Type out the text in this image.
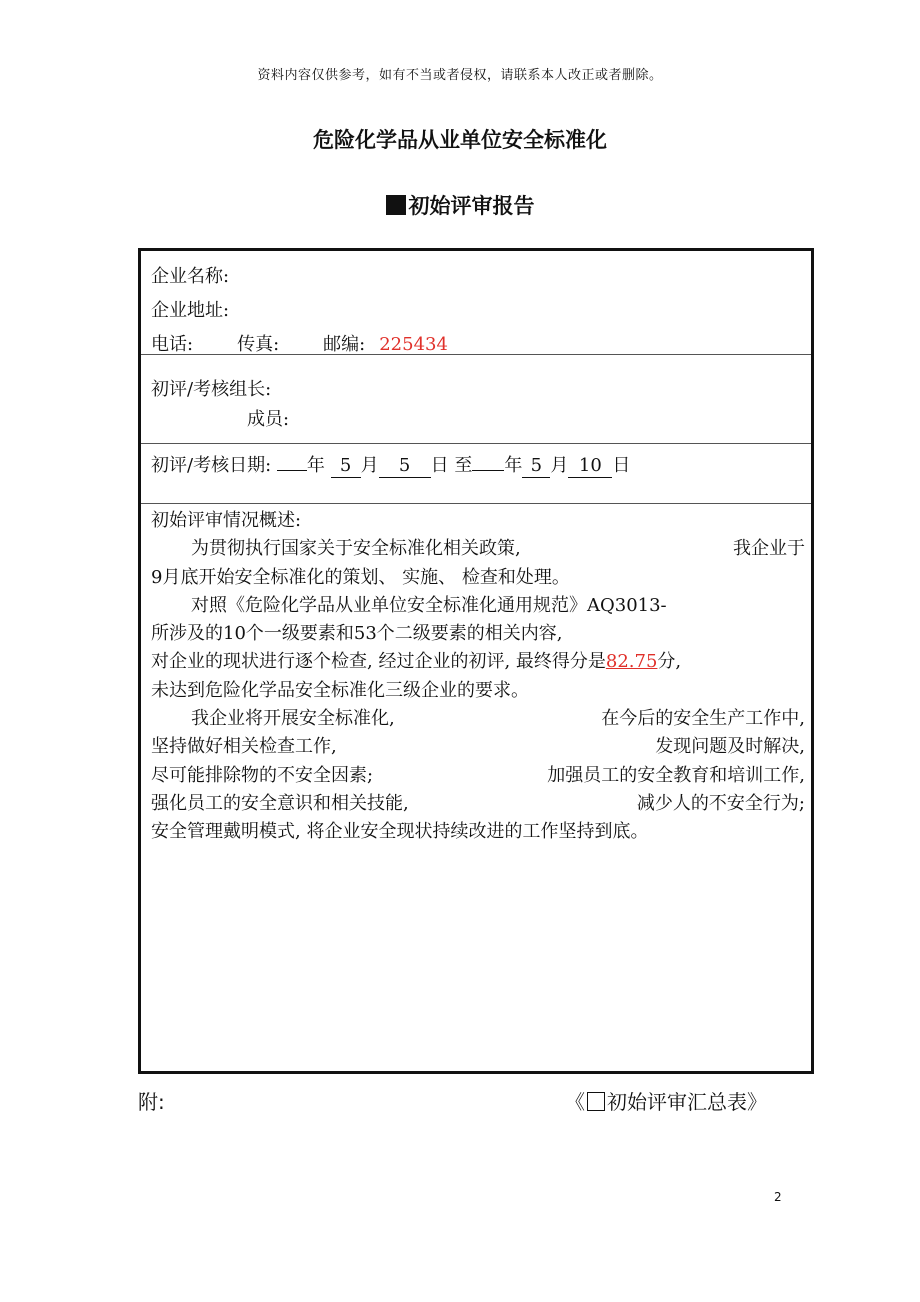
资料内容仅供参考，如有不当或者侵权，请联系本人改正或者删除。
危险化学品从业单位安全标准化
初始评审报告
企业名称:
企业地址:
电话: 传真: 邮编: 225434
初评/考核组长:
成员:
初评/考核日期: 年 5 月 5 日 至 年 5 月 10 日
初始评审情况概述:
为贯彻执行国家关于安全标准化相关政策,	我企业于
9月底开始安全标准化的策划、 实施、 检查和处理。
对照《危险化学品从业单位安全标准化通用规范》AQ3013-
所涉及的10个一级要素和53个二级要素的相关内容,
对企业的现状进行逐个检查, 经过企业的初评, 最终得分是82.75分,
未达到危险化学品安全标准化三级企业的要求。
我企业将开展安全标准化,	在今后的安全生产工作中,
坚持做好相关检查工作,	发现问题及时解决,
尽可能排除物的不安全因素;	加强员工的安全教育和培训工作,
强化员工的安全意识和相关技能,	减少人的不安全行为;
安全管理戴明模式, 将企业安全现状持续改进的工作坚持到底。
附:	《 初始评审汇总表》
2
